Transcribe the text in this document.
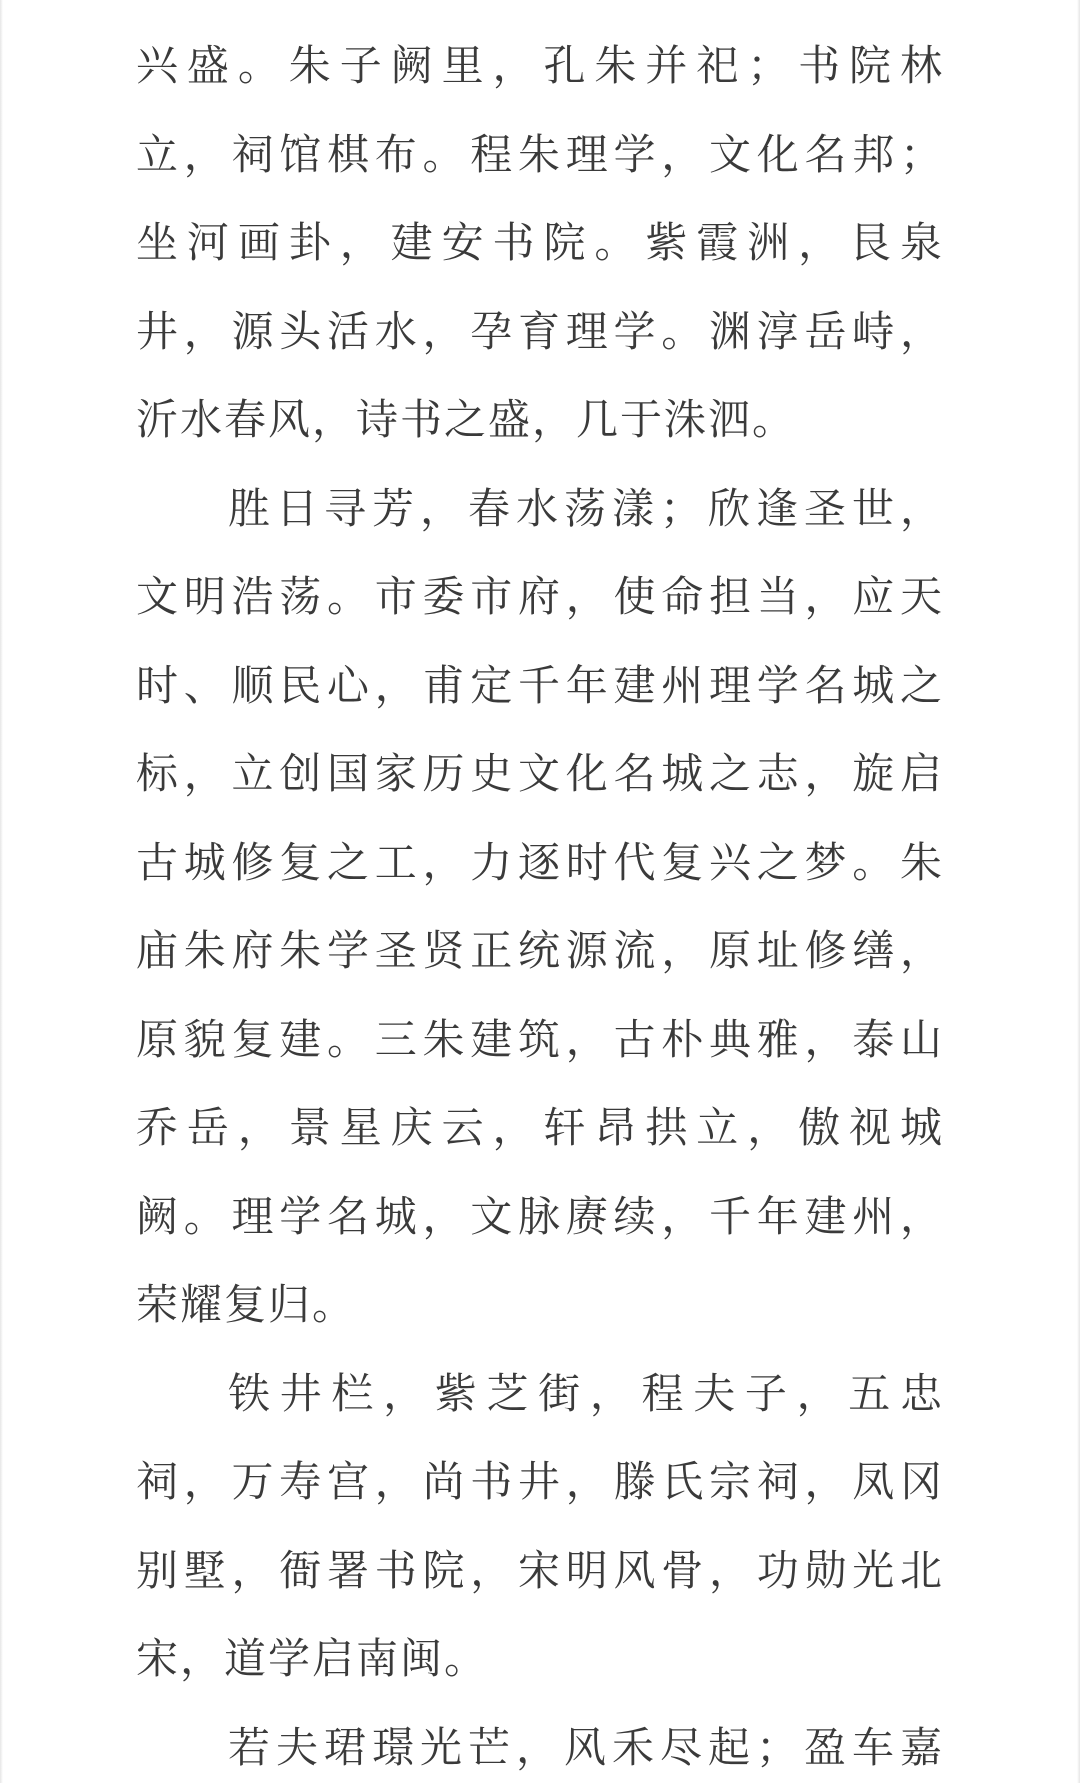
兴盛。朱子阙里，孔朱并祀；书院林
立，祠馆棋布。程朱理学，文化名邦；
坐河画卦，建安书院。紫霞洲，艮泉
井，源头活水，孕育理学。渊淳岳峙，
沂水春风，诗书之盛，几于洙泗。
胜日寻芳，春水荡漾；欣逢圣世，
文明浩荡。市委市府，使命担当，应天
时、顺民心，甫定千年建州理学名城之
标，立创国家历史文化名城之志，旋启
古城修复之工，力逐时代复兴之梦。朱
庙朱府朱学圣贤正统源流，原址修缮，
原貌复建。三朱建筑，古朴典雅，泰山
乔岳，景星庆云，轩昂拱立，傲视城
阙。理学名城，文脉赓续，千年建州，
荣耀复归。
铁井栏，紫芝街，程夫子，五忠
祠，万寿宫，尚书井，滕氏宗祠，凤冈
别墅，衙署书院，宋明风骨，功勋光北
宋，道学启南闽。
若夫珺璟光芒，风禾尽起；盈车嘉
